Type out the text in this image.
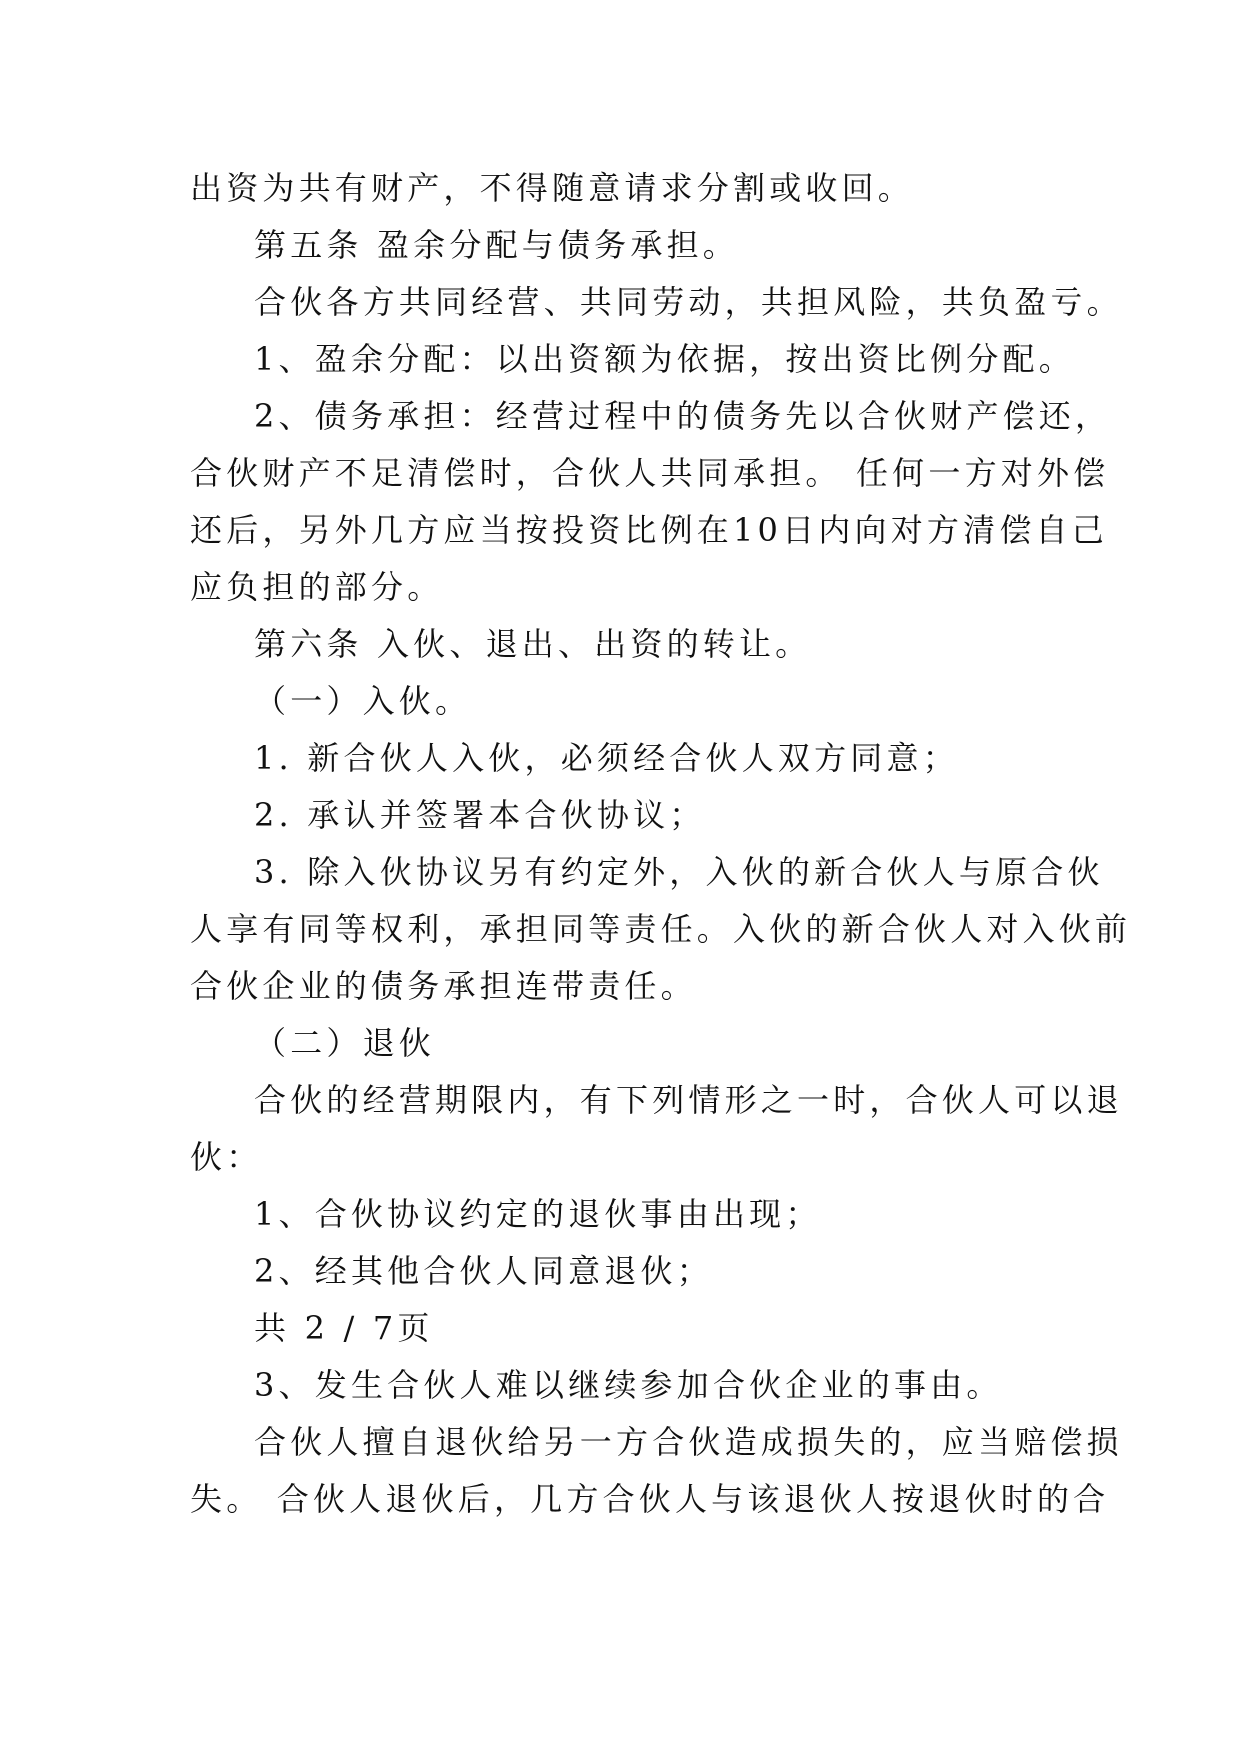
出资为共有财产，不得随意请求分割或收回。
第五条 盈余分配与债务承担。
合伙各方共同经营、共同劳动，共担风险，共负盈亏。
1、盈余分配：以出资额为依据，按出资比例分配。
2、债务承担：经营过程中的债务先以合伙财产偿还，
合伙财产不足清偿时，合伙人共同承担。 任何一方对外偿
还后，另外几方应当按投资比例在10日内向对方清偿自己
应负担的部分。
第六条 入伙、退出、出资的转让。
（一）入伙。
1. 新合伙人入伙，必须经合伙人双方同意；
2. 承认并签署本合伙协议；
3. 除入伙协议另有约定外，入伙的新合伙人与原合伙
人享有同等权利，承担同等责任。入伙的新合伙人对入伙前
合伙企业的债务承担连带责任。
（二）退伙
合伙的经营期限内，有下列情形之一时，合伙人可以退
伙：
1、合伙协议约定的退伙事由出现；
2、经其他合伙人同意退伙；
共 2 / 7页
3、发生合伙人难以继续参加合伙企业的事由。
合伙人擅自退伙给另一方合伙造成损失的，应当赔偿损
失。 合伙人退伙后，几方合伙人与该退伙人按退伙时的合
